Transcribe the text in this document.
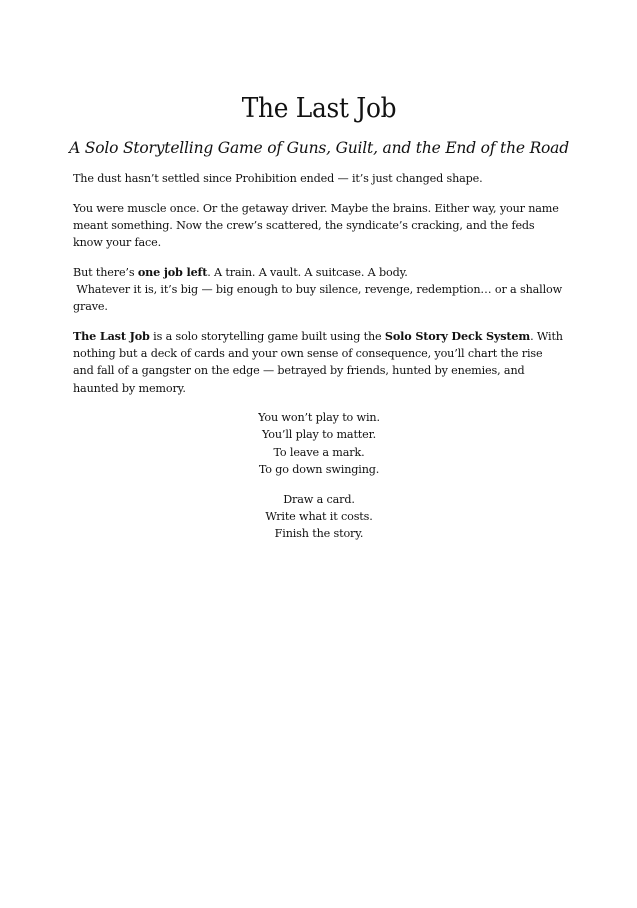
The Last Job
A Solo Storytelling Game of Guns, Guilt, and the End of the Road

The dust hasn’t settled since Prohibition ended — it’s just changed shape.

You were muscle once. Or the getaway driver. Maybe the brains. Either way, your name meant something. Now the crew’s scattered, the syndicate’s cracking, and the feds know your face.

But there’s one job left. A train. A vault. A suitcase. A body.
Whatever it is, it’s big — big enough to buy silence, revenge, redemption… or a shallow grave.

The Last Job is a solo storytelling game built using the Solo Story Deck System. With nothing but a deck of cards and your own sense of consequence, you’ll chart the rise and fall of a gangster on the edge — betrayed by friends, hunted by enemies, and haunted by memory.

You won’t play to win.
You’ll play to matter.
To leave a mark.
To go down swinging.
Draw a card.
Write what it costs.
Finish the story.
